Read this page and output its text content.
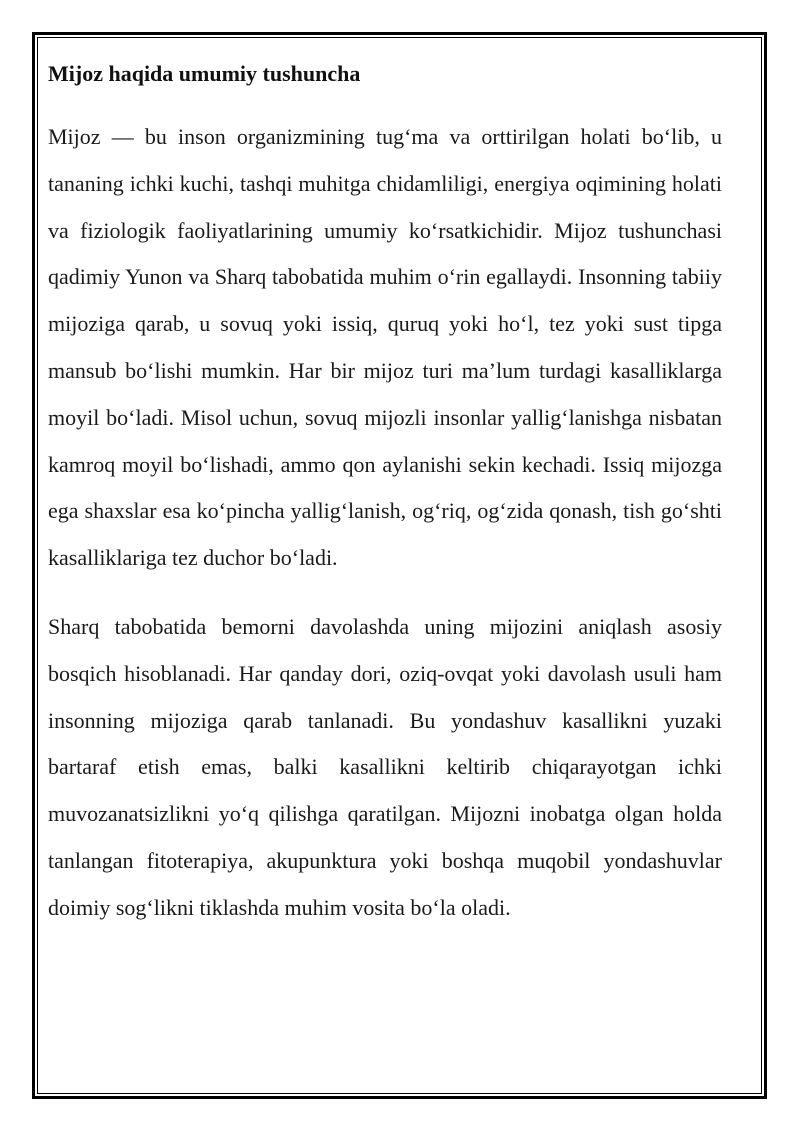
Mijoz haqida umumiy tushuncha

Mijoz — bu inson organizmining tug‘ma va orttirilgan holati bo‘lib, u tananing ichki kuchi, tashqi muhitga chidamliligi, energiya oqimining holati va fiziologik faoliyatlarining umumiy ko‘rsatkichidir. Mijoz tushunchasi qadimiy Yunon va Sharq tabobatida muhim o‘rin egallaydi. Insonning tabiiy mijoziga qarab, u sovuq yoki issiq, quruq yoki ho‘l, tez yoki sust tipga mansub bo‘lishi mumkin. Har bir mijoz turi ma’lum turdagi kasalliklarga moyil bo‘ladi. Misol uchun, sovuq mijozli insonlar yallig‘lanishga nisbatan kamroq moyil bo‘lishadi, ammo qon aylanishi sekin kechadi. Issiq mijozga ega shaxslar esa ko‘pincha yallig‘lanish, og‘riq, og‘zida qonash, tish go‘shti kasalliklariga tez duchor bo‘ladi.

Sharq tabobatida bemorni davolashda uning mijozini aniqlash asosiy bosqich hisoblanadi. Har qanday dori, oziq-ovqat yoki davolash usuli ham insonning mijoziga qarab tanlanadi. Bu yondashuv kasallikni yuzaki bartaraf etish emas, balki kasallikni keltirib chiqarayotgan ichki muvozanatsizlikni yo‘q qilishga qaratilgan. Mijozni inobatga olgan holda tanlangan fitoterapiya, akupunktura yoki boshqa muqobil yondashuvlar doimiy sog‘likni tiklashda muhim vosita bo‘la oladi.
